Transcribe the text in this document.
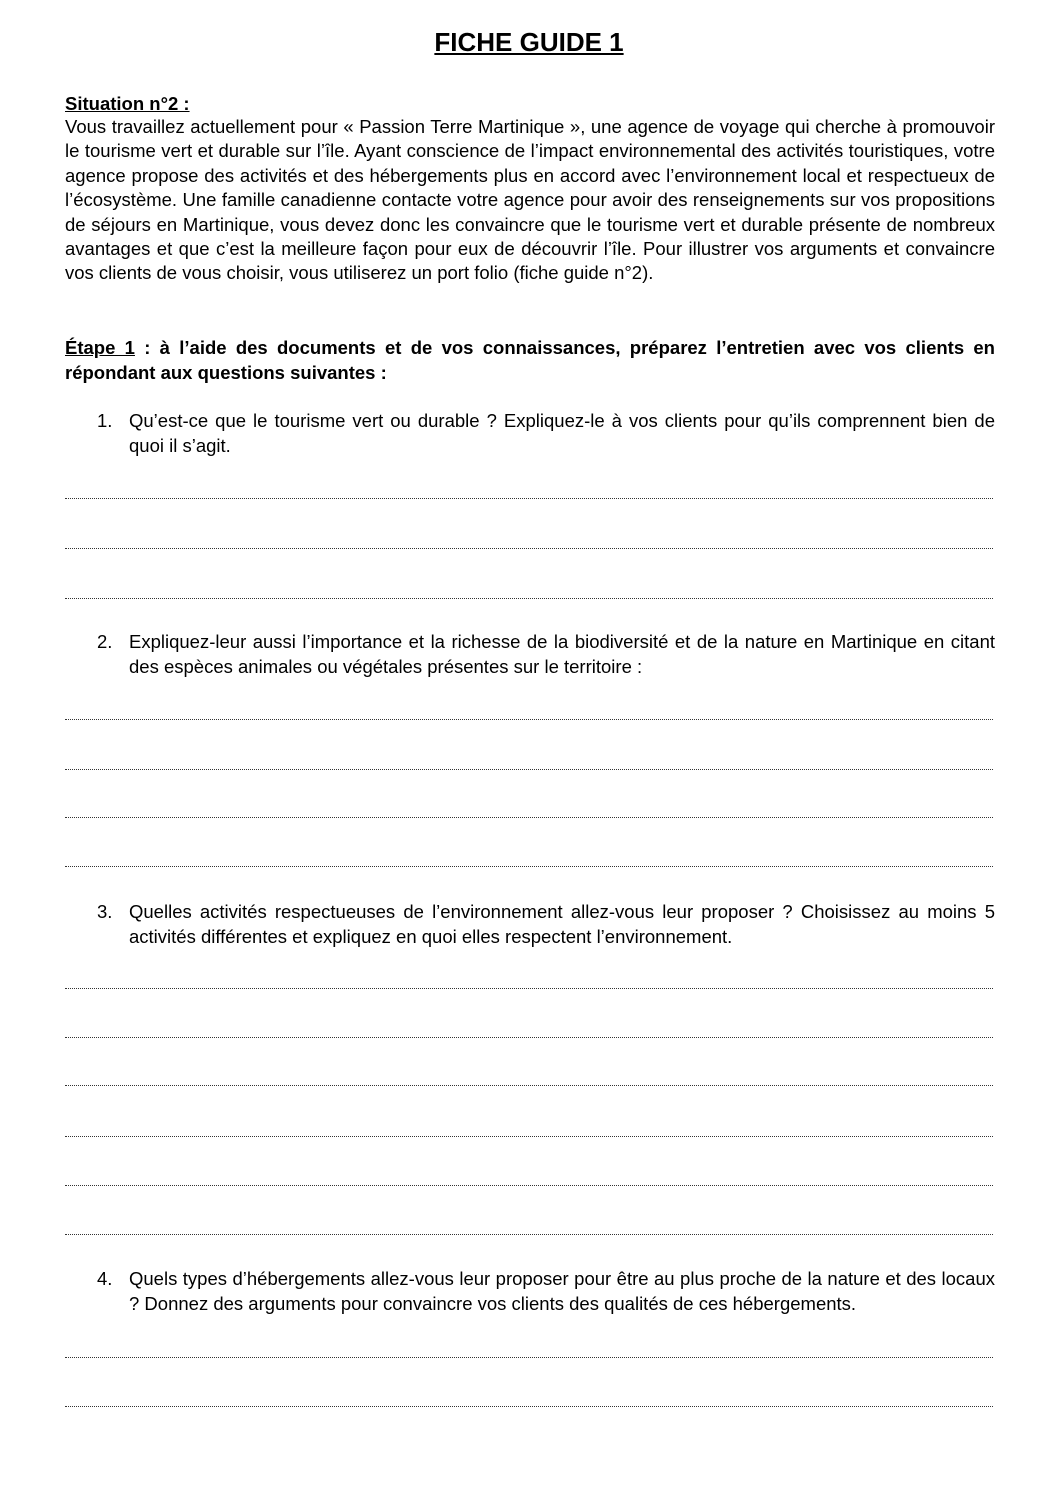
FICHE GUIDE 1
Situation n°2 :
Vous travaillez actuellement pour « Passion Terre Martinique », une agence de voyage qui cherche à promouvoir le tourisme vert et durable sur l’île. Ayant conscience de l’impact environnemental des activités touristiques, votre agence propose des activités et des hébergements plus en accord avec l’environnement local et respectueux de l’écosystème. Une famille canadienne contacte votre agence pour avoir des renseignements sur vos propositions de séjours en Martinique, vous devez donc les convaincre que le tourisme vert et durable présente de nombreux avantages et que c’est la meilleure façon pour eux de découvrir l’île. Pour illustrer vos arguments et convaincre vos clients de vous choisir, vous utiliserez un port folio (fiche guide n°2).
Étape 1 : à l’aide des documents et de vos connaissances, préparez l’entretien avec vos clients en répondant aux questions suivantes :
1. Qu’est-ce que le tourisme vert ou durable ? Expliquez-le à vos clients pour qu’ils comprennent bien de quoi il s’agit.
2. Expliquez-leur aussi l’importance et la richesse de la biodiversité et de la nature en Martinique en citant des espèces animales ou végétales présentes sur le territoire :
3. Quelles activités respectueuses de l’environnement allez-vous leur proposer ? Choisissez au moins 5 activités différentes et expliquez en quoi elles respectent l’environnement.
4. Quels types d’hébergements allez-vous leur proposer pour être au plus proche de la nature et des locaux ? Donnez des arguments pour convaincre vos clients des qualités de ces hébergements.
